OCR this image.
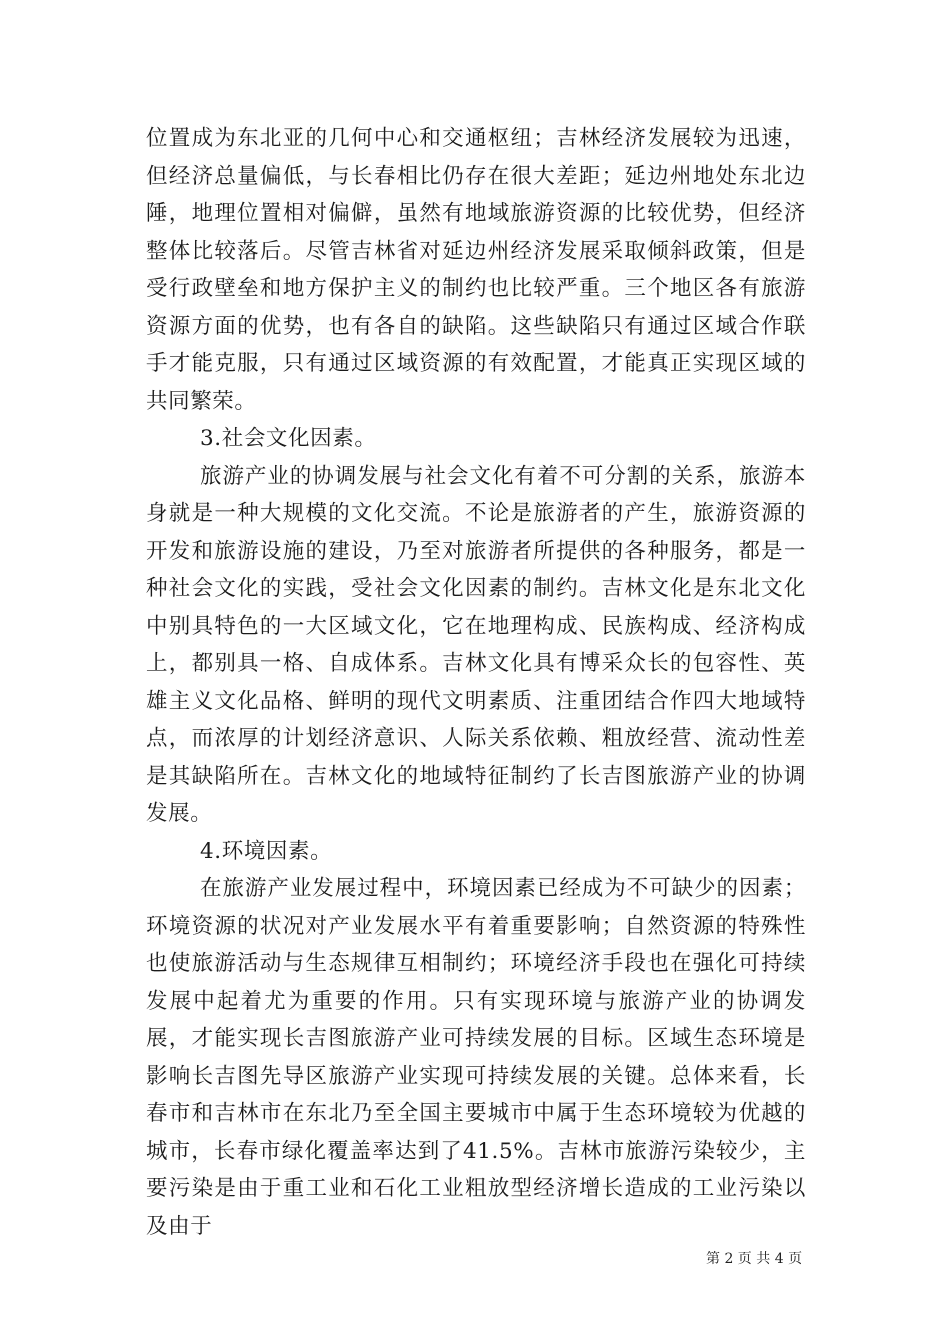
位置成为东北亚的几何中心和交通枢纽；吉林经济发展较为迅速，但经济总量偏低，与长春相比仍存在很大差距；延边州地处东北边陲，地理位置相对偏僻，虽然有地域旅游资源的比较优势，但经济整体比较落后。尽管吉林省对延边州经济发展采取倾斜政策，但是受行政壁垒和地方保护主义的制约也比较严重。三个地区各有旅游资源方面的优势，也有各自的缺陷。这些缺陷只有通过区域合作联手才能克服，只有通过区域资源的有效配置，才能真正实现区域的共同繁荣。

3.社会文化因素。

旅游产业的协调发展与社会文化有着不可分割的关系，旅游本身就是一种大规模的文化交流。不论是旅游者的产生，旅游资源的开发和旅游设施的建设，乃至对旅游者所提供的各种服务，都是一种社会文化的实践，受社会文化因素的制约。吉林文化是东北文化中别具特色的一大区域文化，它在地理构成、民族构成、经济构成上，都别具一格、自成体系。吉林文化具有博采众长的包容性、英雄主义文化品格、鲜明的现代文明素质、注重团结合作四大地域特点，而浓厚的计划经济意识、人际关系依赖、粗放经营、流动性差是其缺陷所在。吉林文化的地域特征制约了长吉图旅游产业的协调发展。

4.环境因素。

在旅游产业发展过程中，环境因素已经成为不可缺少的因素；环境资源的状况对产业发展水平有着重要影响；自然资源的特殊性也使旅游活动与生态规律互相制约；环境经济手段也在强化可持续发展中起着尤为重要的作用。只有实现环境与旅游产业的协调发展，才能实现长吉图旅游产业可持续发展的目标。区域生态环境是影响长吉图先导区旅游产业实现可持续发展的关键。总体来看，长春市和吉林市在东北乃至全国主要城市中属于生态环境较为优越的城市，长春市绿化覆盖率达到了41.5%。吉林市旅游污染较少，主要污染是由于重工业和石化工业粗放型经济增长造成的工业污染以及由于

第 2 页 共 4 页
